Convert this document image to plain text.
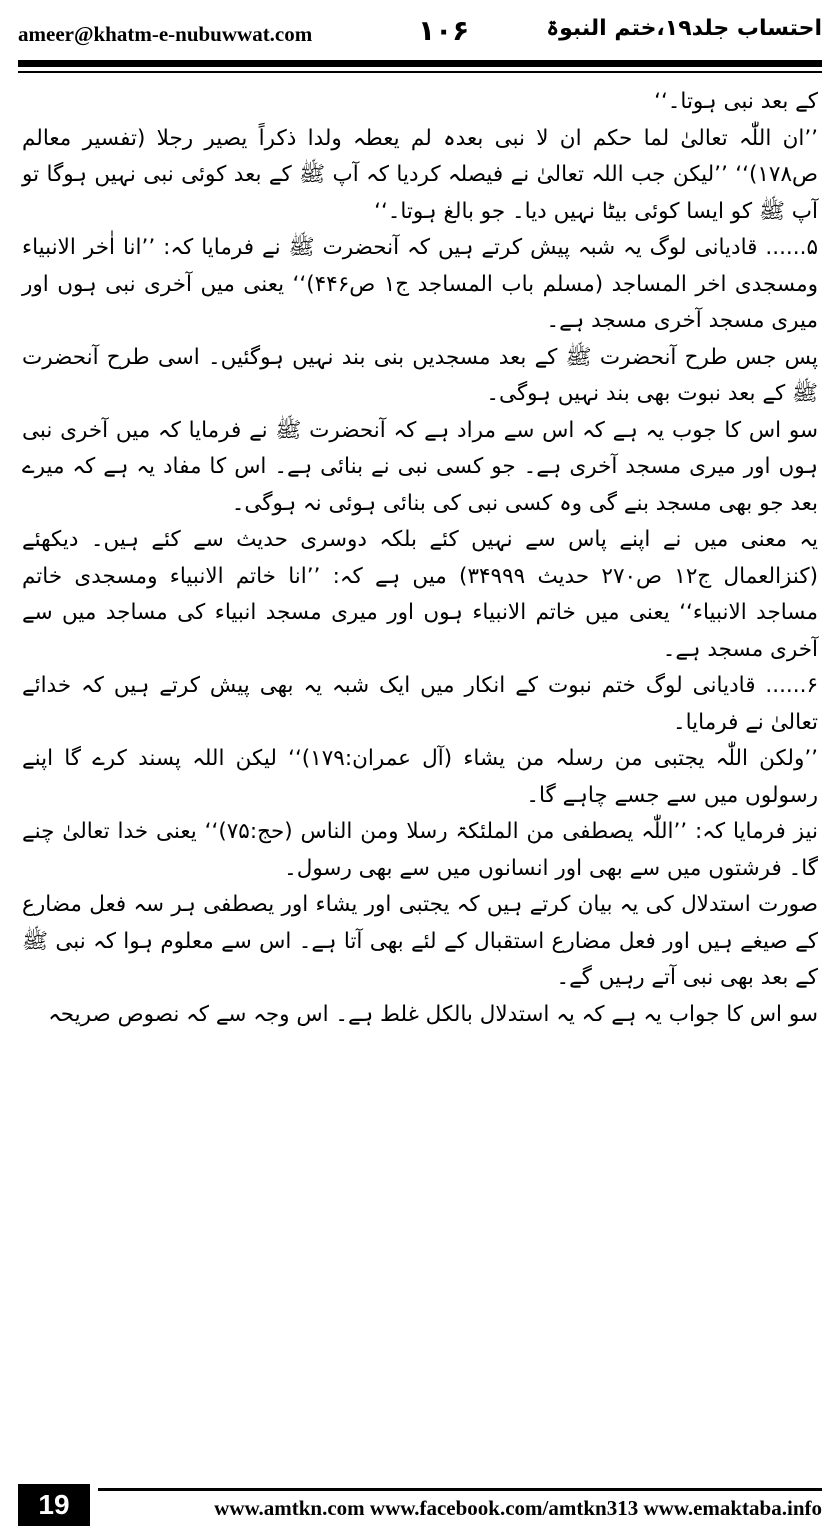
ameer@khatm-e-nubuwwat.com	۱۰۶	احتساب جلد۱۹،ختم النبوۃ

کے بعد نبی ہوتا۔‘‘

’’ان اللّٰہ تعالیٰ لما حکم ان لا نبی بعدہ لم یعطہ ولدا ذکراً یصیر رجلا (تفسیر معالم ص۱۷۸)‘‘ ’’لیکن جب اللہ تعالیٰ نے فیصلہ کردیا کہ آپ ﷺ کے بعد کوئی نبی نہیں ہوگا تو آپ ﷺ کو ایسا کوئی بیٹا نہیں دیا۔ جو بالغ ہوتا۔‘‘

۵...... قادیانی لوگ یہ شبہ پیش کرتے ہیں کہ آنحضرت ﷺ نے فرمایا کہ: ’’انا اٰخر الانبیاء ومسجدی اخر المساجد (مسلم باب المساجد ج۱ ص۴۴۶)‘‘ یعنی میں آخری نبی ہوں اور میری مسجد آخری مسجد ہے۔

پس جس طرح آنحضرت ﷺ کے بعد مسجدیں بنی بند نہیں ہوگئیں۔ اسی طرح آنحضرت ﷺ کے بعد نبوت بھی بند نہیں ہوگی۔

سو اس کا جوب یہ ہے کہ اس سے مراد ہے کہ آنحضرت ﷺ نے فرمایا کہ میں آخری نبی ہوں اور میری مسجد آخری ہے۔ جو کسی نبی نے بنائی ہے۔ اس کا مفاد یہ ہے کہ میرے بعد جو بھی مسجد بنے گی وہ کسی نبی کی بنائی ہوئی نہ ہوگی۔

یہ معنی میں نے اپنے پاس سے نہیں کئے بلکہ دوسری حدیث سے کئے ہیں۔ دیکھئے (کنزالعمال ج۱۲ ص۲۷۰ حدیث ۳۴۹۹۹) میں ہے کہ: ’’انا خاتم الانبیاء ومسجدی خاتم مساجد الانبیاء‘‘ یعنی میں خاتم الانبیاء ہوں اور میری مسجد انبیاء کی مساجد میں سے آخری مسجد ہے۔

۶...... قادیانی لوگ ختم نبوت کے انکار میں ایک شبہ یہ بھی پیش کرتے ہیں کہ خدائے تعالیٰ نے فرمایا۔

’’ولکن اللّٰہ یجتبی من رسلہ من یشاء (آل عمران:۱۷۹)‘‘ لیکن اللہ پسند کرے گا اپنے رسولوں میں سے جسے چاہے گا۔

نیز فرمایا کہ: ’’اللّٰہ یصطفی من الملئکۃ رسلا ومن الناس (حج:۷۵)‘‘ یعنی خدا تعالیٰ چنے گا۔ فرشتوں میں سے بھی اور انسانوں میں سے بھی رسول۔

صورت استدلال کی یہ بیان کرتے ہیں کہ یجتبی اور یشاء اور یصطفی ہر سہ فعل مضارع کے صیغے ہیں اور فعل مضارع استقبال کے لئے بھی آتا ہے۔ اس سے معلوم ہوا کہ نبی ﷺ کے بعد بھی نبی آتے رہیں گے۔

سو اس کا جواب یہ ہے کہ یہ استدلال بالکل غلط ہے۔ اس وجہ سے کہ نصوص صریحہ

19	www.amtkn.com www.facebook.com/amtkn313 www.emaktaba.info
